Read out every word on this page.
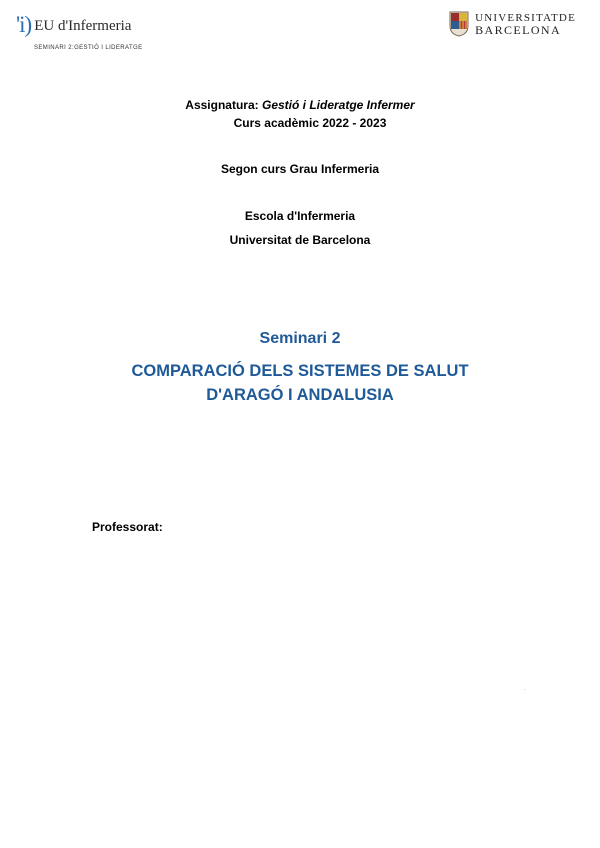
'i) EU d'Infermeria
SEMINARI 2:GESTIÓ I LIDERATGE
UNIVERSITATDE
BARCELONA
Assignatura: Gestió i Lideratge Infermer
Curs acadèmic 2022 - 2023
Segon curs Grau Infermeria
Escola d'Infermeria
Universitat de Barcelona
Seminari 2
COMPARACIÓ DELS SISTEMES DE SALUT
D'ARAGÓ I ANDALUSIA
Professorat:
